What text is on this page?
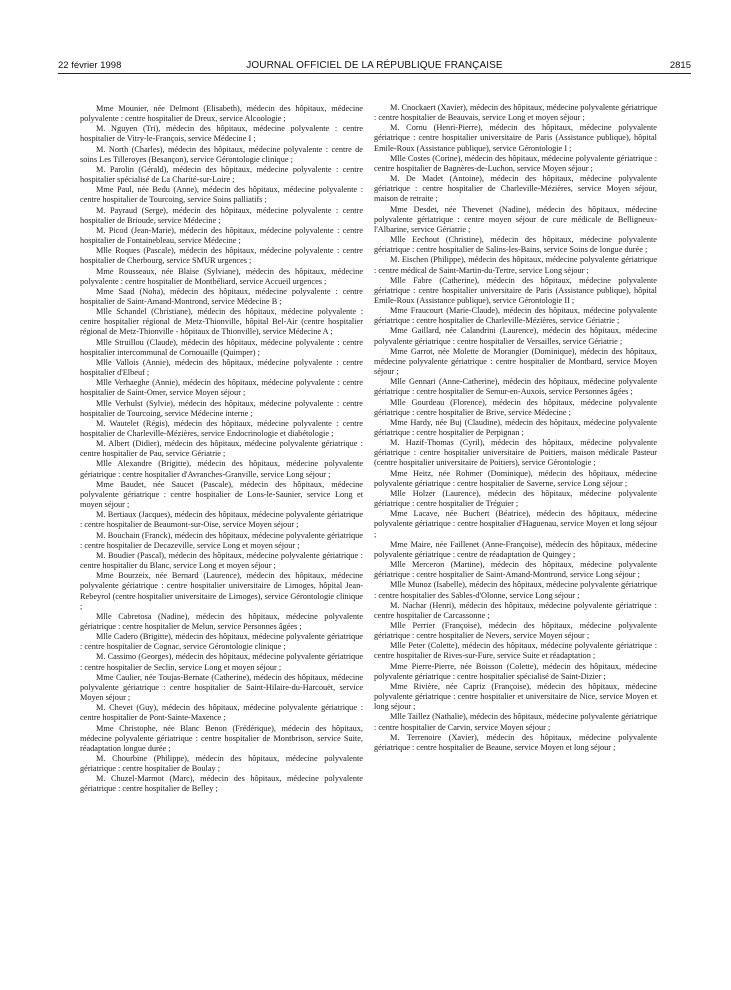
22 février 1998	JOURNAL OFFICIEL DE LA RÉPUBLIQUE FRANÇAISE	2815

Mme Mounier, née Delmont (Elisabeth), médecin des hôpitaux, médecine polyvalente : centre hospitalier de Dreux, service Alcoologie ;

M. Nguyen (Tri), médecin des hôpitaux, médecine polyvalente : centre hospitalier de Vitry-le-François, service Médecine I ;

M. North (Charles), médecin des hôpitaux, médecine polyvalente : centre de soins Les Tilleroyes (Besançon), service Gérontologie clinique ;

M. Parolin (Gérald), médecin des hôpitaux, médecine polyvalente : centre hospitalier spécialisé de La Charité-sur-Loire ;

Mme Paul, née Bedu (Anne), médecin des hôpitaux, médecine polyvalente : centre hospitalier de Tourcoing, service Soins palliatifs ;

M. Payraud (Serge), médecin des hôpitaux, médecine polyvalente : centre hospitalier de Brioude, service Médecine ;

M. Picod (Jean-Marie), médecin des hôpitaux, médecine polyvalente : centre hospitalier de Fontainebleau, service Médecine ;

Mlle Roques (Pascale), médecin des hôpitaux, médecine polyvalente : centre hospitalier de Cherbourg, service SMUR urgences ;

Mme Rousseaux, née Blaise (Sylviane), médecin des hôpitaux, médecine polyvalente : centre hospitalier de Montbéliard, service Accueil urgences ;

Mme Saad (Noha), médecin des hôpitaux, médecine polyvalente : centre hospitalier de Saint-Amand-Montrond, service Médecine B ;

Mlle Schandel (Christiane), médecin des hôpitaux, médecine polyvalente : centre hospitalier régional de Metz-Thionville, hôpital Bel-Air (centre hospitalier régional de Metz-Thionville - hôpitaux de Thionville), service Médecine A ;

Mlle Struillou (Claude), médecin des hôpitaux, médecine polyvalente : centre hospitalier intercommunal de Cornouaille (Quimper) ;

Mlle Vallois (Annie), médecin des hôpitaux, médecine polyvalente : centre hospitalier d'Elbeuf ;

Mlle Verhaeghe (Annie), médecin des hôpitaux, médecine polyvalente : centre hospitalier de Saint-Omer, service Moyen séjour ;

Mlle Verhulst (Sylvie), médecin des hôpitaux, médecine polyvalente : centre hospitalier de Tourcoing, service Médecine interne ;

M. Wautelet (Régis), médecin des hôpitaux, médecine polyvalente : centre hospitalier de Charleville-Mézières, service Endocrinologie et diabétologie ;

M. Albert (Didier), médecin des hôpitaux, médecine polyvalente gériatrique : centre hospitalier de Pau, service Gériatrie ;

Mlle Alexandre (Brigitte), médecin des hôpitaux, médecine polyvalente gériatrique : centre hospitalier d'Avranches-Granville, service Long séjour ;

Mme Baudet, née Saucet (Pascale), médecin des hôpitaux, médecine polyvalente gériatrique : centre hospitalier de Lons-le-Saunier, service Long et moyen séjour ;

M. Bertiaux (Jacques), médecin des hôpitaux, médecine polyvalente gériatrique : centre hospitalier de Beaumont-sur-Oise, service Moyen séjour ;

M. Bouchain (Franck), médecin des hôpitaux, médecine polyvalente gériatrique : centre hospitalier de Decazeville, service Long et moyen séjour ;

M. Boudier (Pascal), médecin des hôpitaux, médecine polyvalente gériatrique : centre hospitalier du Blanc, service Long et moyen séjour ;

Mme Bourzeix, née Bernard (Laurence), médecin des hôpitaux, médecine polyvalente gériatrique : centre hospitalier universitaire de Limoges, hôpital Jean-Rebeyrol (centre hospitalier universitaire de Limoges), service Gérontologie clinique ;

Mlle Cabretosa (Nadine), médecin des hôpitaux, médecine polyvalente gériatrique : centre hospitalier de Melun, service Personnes âgées ;

Mlle Cadero (Brigitte), médecin des hôpitaux, médecine polyvalente gériatrique : centre hospitalier de Cognac, service Gérontologie clinique ;

M. Cassimo (Georges), médecin des hôpitaux, médecine polyvalente gériatrique : centre hospitalier de Seclin, service Long et moyen séjour ;

Mme Caulier, née Toujas-Bernate (Catherine), médecin des hôpitaux, médecine polyvalente gériatrique : centre hospitalier de Saint-Hilaire-du-Harcouët, service Moyen séjour ;

M. Chevet (Guy), médecin des hôpitaux, médecine polyvalente gériatrique : centre hospitalier de Pont-Sainte-Maxence ;

Mme Christophe, née Blanc Benon (Frédérique), médecin des hôpitaux, médecine polyvalente gériatrique : centre hospitalier de Montbrison, service Suite, réadaptation longue durée ;

M. Chourbine (Philippe), médecin des hôpitaux, médecine polyvalente gériatrique : centre hospitalier de Boulay ;

M. Chuzel-Marmot (Marc), médecin des hôpitaux, médecine polyvalente gériatrique : centre hospitalier de Belley ;

M. Cnockaert (Xavier), médecin des hôpitaux, médecine polyvalente gériatrique : centre hospitalier de Beauvais, service Long et moyen séjour ;

M. Cornu (Henri-Pierre), médecin des hôpitaux, médecine polyvalente gériatrique : centre hospitalier universitaire de Paris (Assistance publique), hôpital Emile-Roux (Assistance publique), service Gérontologie I ;

Mlle Costes (Corine), médecin des hôpitaux, médecine polyvalente gériatrique : centre hospitalier de Bagnères-de-Luchon, service Moyen séjour ;

M. De Madet (Antoine), médecin des hôpitaux, médecine polyvalente gériatrique : centre hospitalier de Charleville-Mézières, service Moyen séjour, maison de retraite ;

Mme Desdet, née Thevenet (Nadine), médecin des hôpitaux, médecine polyvalente gériatrique : centre moyen séjour de cure médicale de Belligneux-l'Albarine, service Gériatrie ;

Mlle Eechout (Christine), médecin des hôpitaux, médecine polyvalente gériatrique : centre hospitalier de Salins-les-Bains, service Soins de longue durée ;

M. Eischen (Philippe), médecin des hôpitaux, médecine polyvalente gériatrique : centre médical de Saint-Martin-du-Tertre, service Long séjour ;

Mlle Fabre (Catherine), médecin des hôpitaux, médecine polyvalente gériatrique : centre hospitalier universitaire de Paris (Assistance publique), hôpital Emile-Roux (Assistance publique), service Gérontologie II ;

Mme Fraucourt (Marie-Claude), médecin des hôpitaux, médecine polyvalente gériatrique : centre hospitalier de Charleville-Mézières, service Gériatrie ;

Mme Gaillard, née Calandrini (Laurence), médecin des hôpitaux, médecine polyvalente gériatrique : centre hospitalier de Versailles, service Gériatrie ;

Mme Garrot, née Molette de Morangier (Dominique), médecin des hôpitaux, médecine polyvalente gériatrique : centre hospitalier de Montbard, service Moyen séjour ;

Mlle Gennari (Anne-Catherine), médecin des hôpitaux, médecine polyvalente gériatrique : centre hospitalier de Semur-en-Auxois, service Personnes âgées ;

Mlle Gourdeau (Florence), médecin des hôpitaux, médecine polyvalente gériatrique : centre hospitalier de Brive, service Médecine ;

Mme Hardy, née Buj (Claudine), médecin des hôpitaux, médecine polyvalente gériatrique : centre hospitalier de Perpignan ;

M. Hazif-Thomas (Cyril), médecin des hôpitaux, médecine polyvalente gériatrique : centre hospitalier universitaire de Poitiers, maison médicale Pasteur (centre hospitalier universitaire de Poitiers), service Gérontologie ;

Mme Heitz, née Rohmer (Dominique), médecin des hôpitaux, médecine polyvalente gériatrique : centre hospitalier de Saverne, service Long séjour ;

Mlle Holzer (Laurence), médecin des hôpitaux, médecine polyvalente gériatrique : centre hospitalier de Tréguier ;

Mme Lacave, née Buchert (Béatrice), médecin des hôpitaux, médecine polyvalente gériatrique : centre hospitalier d'Haguenau, service Moyen et long séjour ;

Mme Maire, née Faillenet (Anne-Françoise), médecin des hôpitaux, médecine polyvalente gériatrique : centre de réadaptation de Quingey ;

Mlle Merceron (Martine), médecin des hôpitaux, médecine polyvalente gériatrique : centre hospitalier de Saint-Amand-Montrond, service Long séjour ;

Mlle Munoz (Isabelle), médecin des hôpitaux, médecine polyvalente gériatrique : centre hospitalier des Sables-d'Olonne, service Long séjour ;

M. Nachar (Henri), médecin des hôpitaux, médecine polyvalente gériatrique : centre hospitalier de Carcassonne ;

Mlle Perrier (Françoise), médecin des hôpitaux, médecine polyvalente gériatrique : centre hospitalier de Nevers, service Moyen séjour ;

Mlle Peter (Colette), médecin des hôpitaux, médecine polyvalente gériatrique : centre hospitalier de Rives-sur-Fure, service Suite et réadaptation ;

Mme Pierre-Pierre, née Boisson (Colette), médecin des hôpitaux, médecine polyvalente gériatrique : centre hospitalier spécialisé de Saint-Dizier ;

Mme Rivière, née Capriz (Françoise), médecin des hôpitaux, médecine polyvalente gériatrique : centre hospitalier et universitaire de Nice, service Moyen et long séjour ;

Mlle Taillez (Nathalie), médecin des hôpitaux, médecine polyvalente gériatrique : centre hospitalier de Carvin, service Moyen séjour ;

M. Terrenoire (Xavier), médecin des hôpitaux, médecine polyvalente gériatrique : centre hospitalier de Beaune, service Moyen et long séjour ;
